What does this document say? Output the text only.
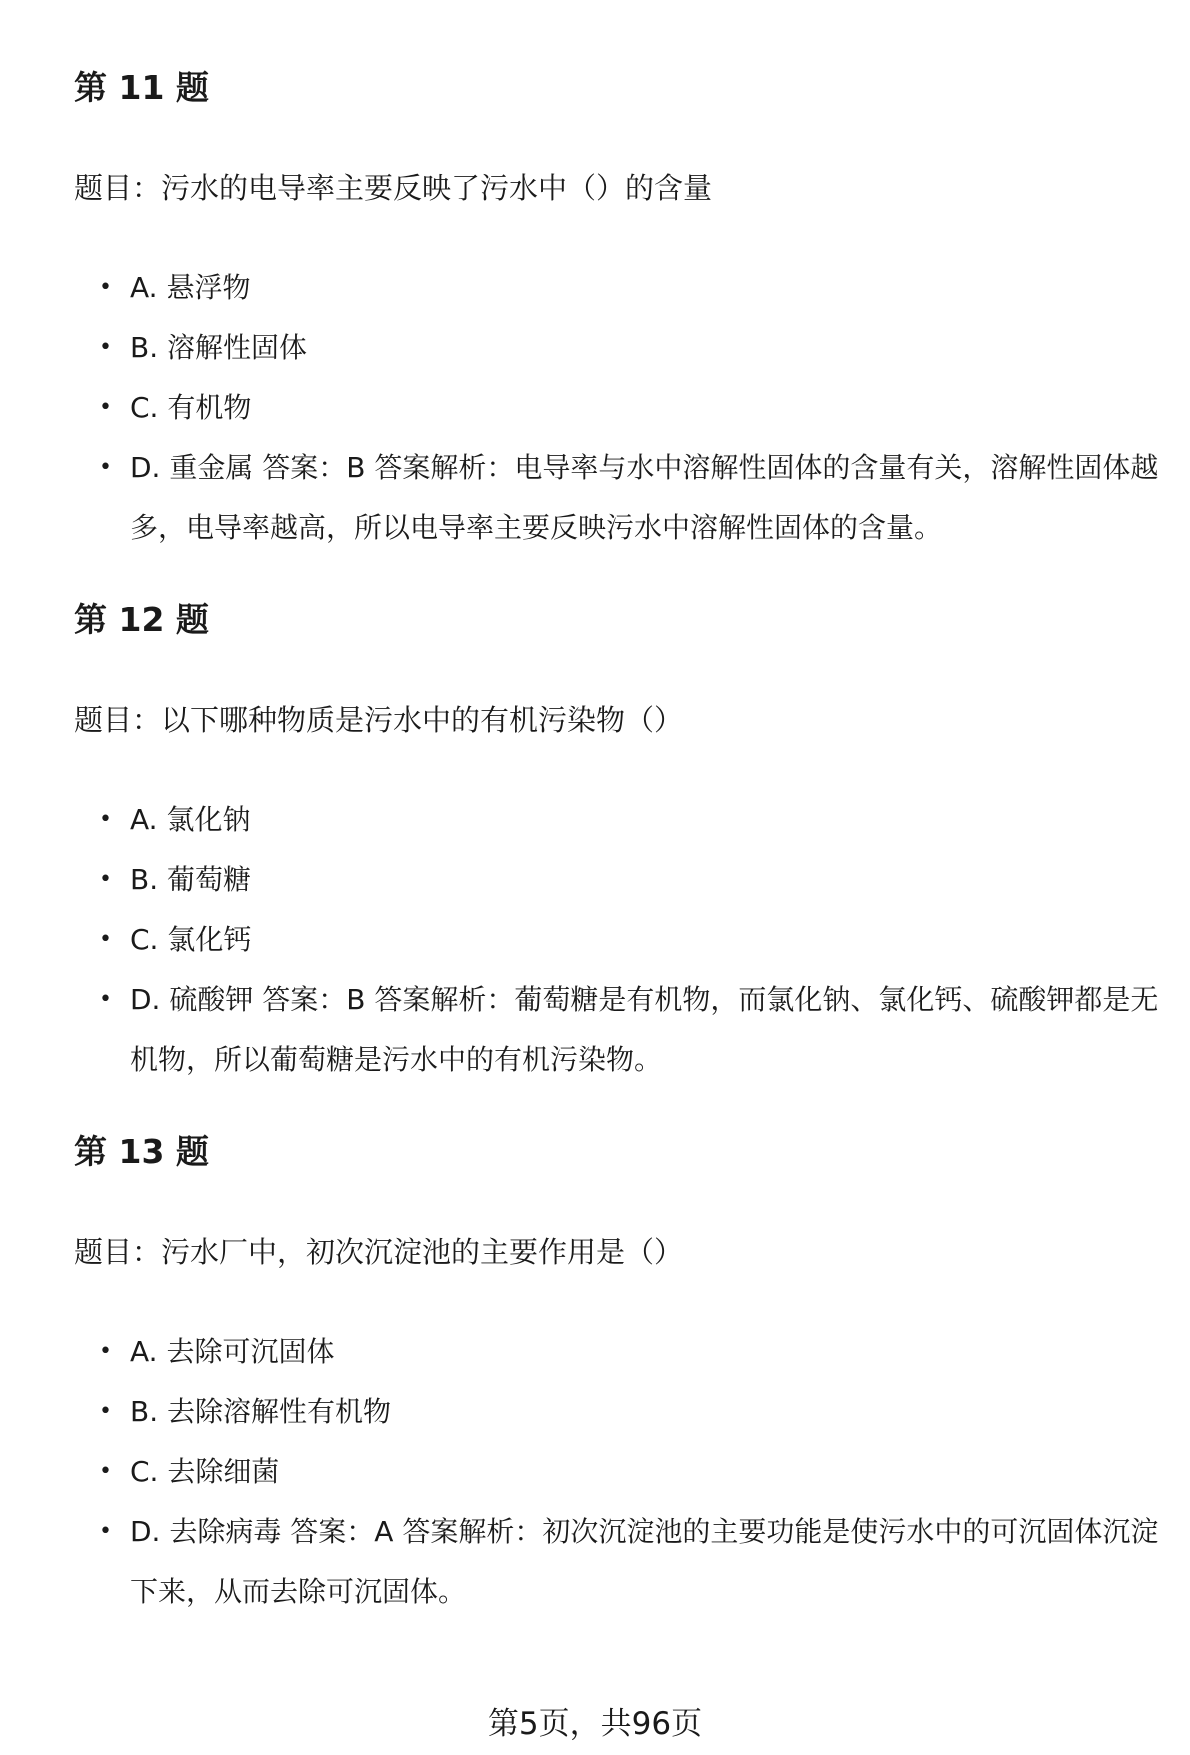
第 11 题

题目：污水的电导率主要反映了污水中（）的含量

• A. 悬浮物
• B. 溶解性固体
• C. 有机物
• D. 重金属 答案：B 答案解析：电导率与水中溶解性固体的含量有关，溶解性固体越多，电导率越高，所以电导率主要反映污水中溶解性固体的含量。
第 12 题

题目：以下哪种物质是污水中的有机污染物（）

• A. 氯化钠
• B. 葡萄糖
• C. 氯化钙
• D. 硫酸钾 答案：B 答案解析：葡萄糖是有机物，而氯化钠、氯化钙、硫酸钾都是无机物，所以葡萄糖是污水中的有机污染物。
第 13 题

题目：污水厂中，初次沉淀池的主要作用是（）

• A. 去除可沉固体
• B. 去除溶解性有机物
• C. 去除细菌
• D. 去除病毒 答案：A 答案解析：初次沉淀池的主要功能是使污水中的可沉固体沉淀下来，从而去除可沉固体。
第5页，共96页
